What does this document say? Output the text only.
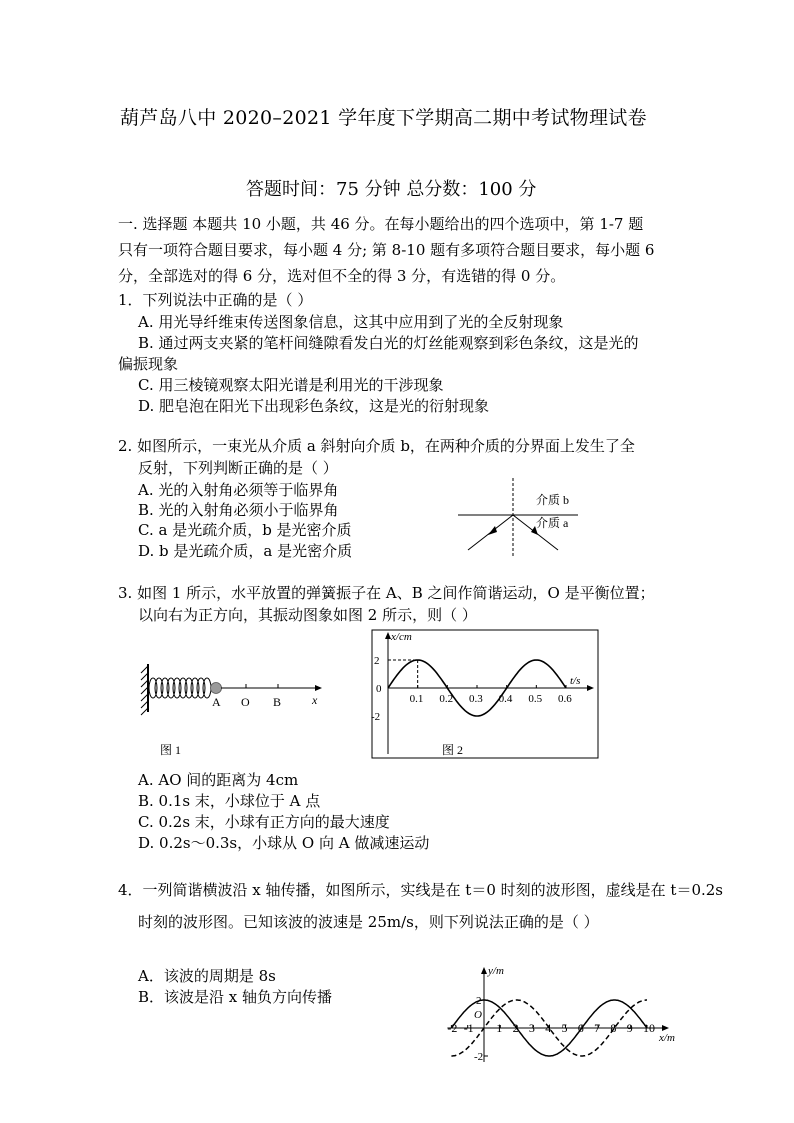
葫芦岛八中 2020–2021 学年度下学期高二期中考试物理试卷
答题时间：75 分钟 总分数：100 分
一. 选择题 本题共 10 小题，共 46 分。在每小题给出的四个选项中，第 1-7 题
只有一项符合题目要求，每小题 4 分; 第 8-10 题有多项符合题目要求，每小题 6
分，全部选对的得 6 分，选对但不全的得 3 分，有选错的得 0 分。
1．下列说法中正确的是（ ）
A. 用光导纤维束传送图象信息，这其中应用到了光的全反射现象
B. 通过两支夹紧的笔杆间缝隙看发白光的灯丝能观察到彩色条纹，这是光的
偏振现象
C. 用三棱镜观察太阳光谱是利用光的干涉现象
D. 肥皂泡在阳光下出现彩色条纹，这是光的衍射现象
2. 如图所示，一束光从介质 a 斜射向介质 b，在两种介质的分界面上发生了全
反射，下列判断正确的是（ ）
A. 光的入射角必须等于临界角
B. 光的入射角必须小于临界角
C. a 是光疏介质，b 是光密介质
D. b 是光疏介质，a 是光密介质
介质 b
介质 a
3. 如图 1 所示，水平放置的弹簧振子在 A、B 之间作简谐运动，O 是平衡位置；
以向右为正方向，其振动图象如图 2 所示，则（ ）
A O B	x
图 1
x/cm
t/s
0
2
-2
0.1 0.2 0.3 0.4 0.5 0.6
A. AO 间的距离为 4cm
B. 0.1s 末，小球位于 A 点
C. 0.2s 末，小球有正方向的最大速度
D. 0.2s～0.3s，小球从 O 向 A 做减速运动
4．一列简谐横波沿 x 轴传播，如图所示，实线是在 t＝0 时刻的波形图，虚线是在 t＝0.2s
时刻的波形图。已知该波的波速是 25m/s，则下列说法正确的是（ ）
A．该波的周期是 8s
B．该波是沿 x 轴负方向传播
y/m
x/m
O
2
-2
-2 -1 1 2 3 4 5 6 7 8 9 10
图 2
